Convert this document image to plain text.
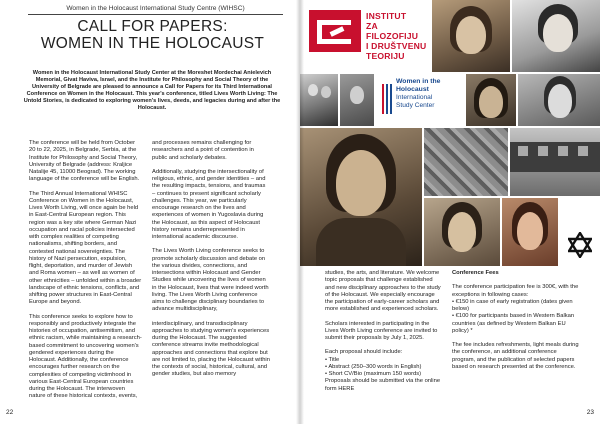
Women in the Holocaust International Study Centre (WIHSC)
CALL FOR PAPERS:
WOMEN IN THE HOLOCAUST
Women in the Holocaust International Study Center at the Moreshet Mordechai Anielevich Memorial, Givat Haviva, Israel, and the Institute for Philosophy and Social Theory of the University of Belgrade are pleased to announce a Call for Papers for its Third International Conference on Women in the Holocaust. This year's conference, titled Lives Worth Living: The Untold Stories, is dedicated to exploring women's lives, deeds, and legacies during and after the Holocaust.

The conference will be held from October 20 to 22, 2025, in Belgrade, Serbia, at the Institute for Philosophy and Social Theory, University of Belgrade (address: Kraljice Natalije 45, 11000 Beograd). The working language of the conference will be English.

The Third Annual International WHISC Conference on Women in the Holocaust, Lives Worth Living, will once again be held in East-Central European region. This region was a key site where German Nazi occupation and racial policies intersected with complex realities of competing nationalisms, shifting borders, and contested national sovereignties. The history of Nazi persecution, expulsion, flight, deportation, and murder of Jewish and Roma women – as well as women of other ethnicities – unfolded within a broader landscape of ethnic tensions, conflicts, and shifting power structures in East-Central Europe and beyond.

This conference seeks to explore how to responsibly and productively integrate the histories of occupation, antisemitism, and ethnic racism, while maintaining a research-based commitment to uncovering women's gendered experiences during the Holocaust. Additionally, the conference encourages further research on the complexities of competing victimhood in various East-Central European countries during the Holocaust. The interwoven nature of these historical contexts, events,

and processes remains challenging for researchers and a point of contention in public and scholarly debates.

Additionally, studying the intersectionality of religious, ethnic, and gender identities – and the resulting impacts, tensions, and traumas – continues to present significant scholarly challenges. This year, we particularly encourage research on the lives and experiences of women in Yugoslavia during the Holocaust, as this aspect of Holocaust history remains underrepresented in international academic discourse.

The Lives Worth Living conference seeks to promote scholarly discussion and debate on the various divides, connections, and intersections within Holocaust and Gender Studies while uncovering the lives of women in the Holocaust, lives that were indeed worth living. The Lives Worth Living conference aims to challenge disciplinary boundaries to advance multidisciplinary,

interdisciplinary, and transdisciplinary approaches to studying women's experiences during the Holocaust. The suggested conference streams invite methodological approaches and connections that explore but are not limited to, placing the Holocaust within the contexts of social, historical, cultural, and gender studies, but also memory

22
INSTITUT
ZA FILOZOFIJU
I DRUŠTVENU
TEORIJU
Women in the
Holocaust
International
Study Center

studies, the arts, and literature. We welcome topic proposals that challenge established and new disciplinary approaches to the study of the Holocaust. We especially encourage the participation of early-career scholars and more established and experienced scholars.

Scholars interested in participating in the Lives Worth Living conference are invited to submit their proposals by July 1, 2025.

Each proposal should include:
• Title
• Abstract (250–300 words in English)
• Short CV/Bio (maximum 150 words)
Proposals should be submitted via the online form HERE

Conference Fees

The conference participation fee is 300€, with the exceptions in following cases:
• €150 in case of early registration (dates given below)
• €100 for participants based in Western Balkan countries (as defined by Western Balkan EU policy) *

The fee includes refreshments, light meals during the conference, an additional conference program, and the publication of selected papers based on research presented at the conference.

23
